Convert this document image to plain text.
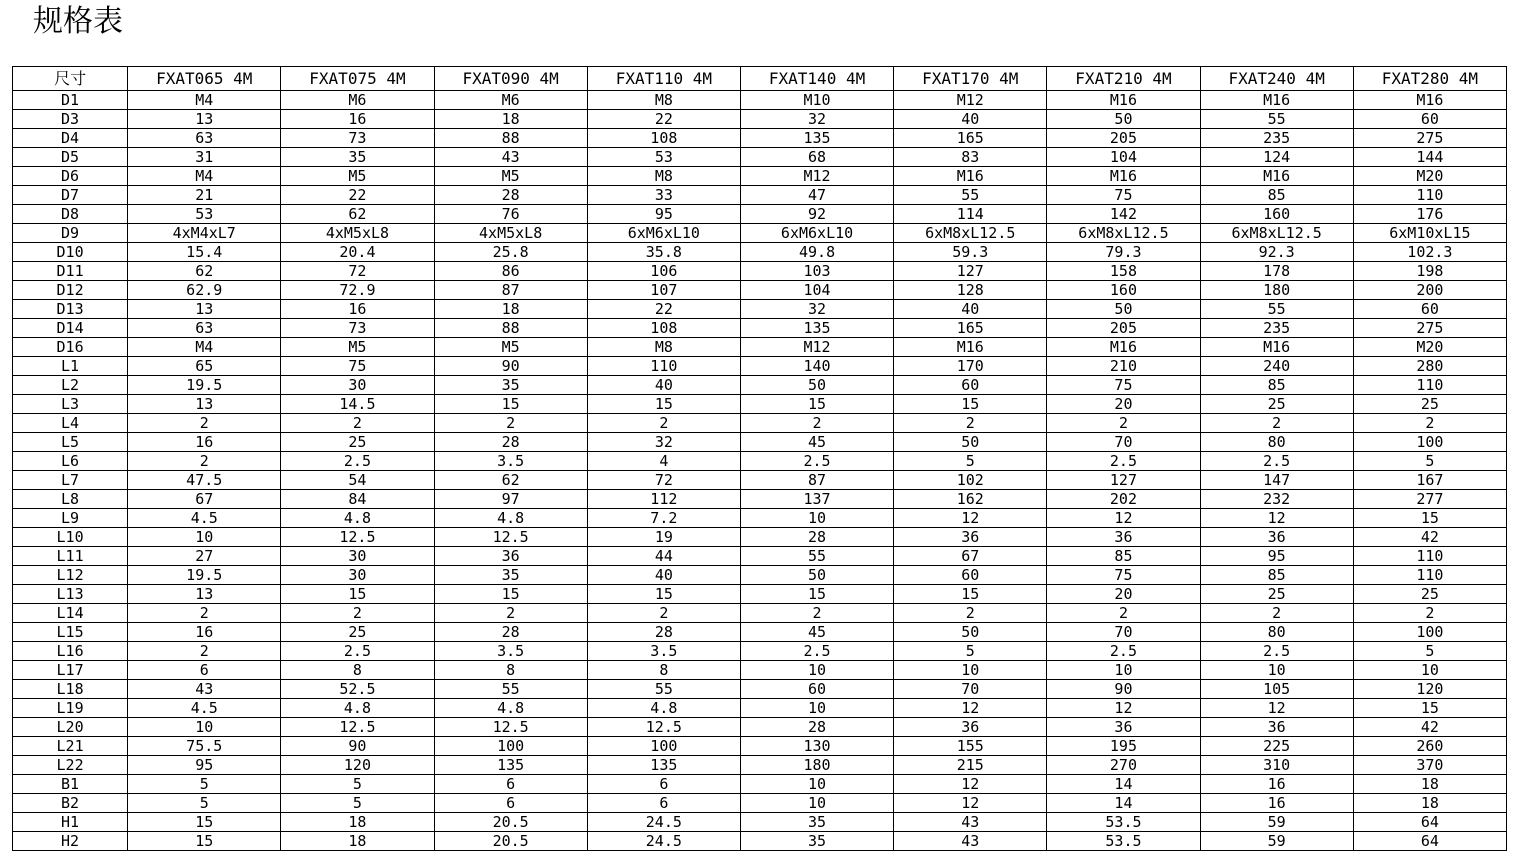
规格表
尺寸	FXAT065 4M	FXAT075 4M	FXAT090 4M	FXAT110 4M	FXAT140 4M	FXAT170 4M	FXAT210 4M	FXAT240 4M	FXAT280 4M
D1	M4	M6	M6	M8	M10	M12	M16	M16	M16
D3	13	16	18	22	32	40	50	55	60
D4	63	73	88	108	135	165	205	235	275
D5	31	35	43	53	68	83	104	124	144
D6	M4	M5	M5	M8	M12	M16	M16	M16	M20
D7	21	22	28	33	47	55	75	85	110
D8	53	62	76	95	92	114	142	160	176
D9	4xM4xL7	4xM5xL8	4xM5xL8	6xM6xL10	6xM6xL10	6xM8xL12.5	6xM8xL12.5	6xM8xL12.5	6xM10xL15
D10	15.4	20.4	25.8	35.8	49.8	59.3	79.3	92.3	102.3
D11	62	72	86	106	103	127	158	178	198
D12	62.9	72.9	87	107	104	128	160	180	200
D13	13	16	18	22	32	40	50	55	60
D14	63	73	88	108	135	165	205	235	275
D16	M4	M5	M5	M8	M12	M16	M16	M16	M20
L1	65	75	90	110	140	170	210	240	280
L2	19.5	30	35	40	50	60	75	85	110
L3	13	14.5	15	15	15	15	20	25	25
L4	2	2	2	2	2	2	2	2	2
L5	16	25	28	32	45	50	70	80	100
L6	2	2.5	3.5	4	2.5	5	2.5	2.5	5
L7	47.5	54	62	72	87	102	127	147	167
L8	67	84	97	112	137	162	202	232	277
L9	4.5	4.8	4.8	7.2	10	12	12	12	15
L10	10	12.5	12.5	19	28	36	36	36	42
L11	27	30	36	44	55	67	85	95	110
L12	19.5	30	35	40	50	60	75	85	110
L13	13	15	15	15	15	15	20	25	25
L14	2	2	2	2	2	2	2	2	2
L15	16	25	28	28	45	50	70	80	100
L16	2	2.5	3.5	3.5	2.5	5	2.5	2.5	5
L17	6	8	8	8	10	10	10	10	10
L18	43	52.5	55	55	60	70	90	105	120
L19	4.5	4.8	4.8	4.8	10	12	12	12	15
L20	10	12.5	12.5	12.5	28	36	36	36	42
L21	75.5	90	100	100	130	155	195	225	260
L22	95	120	135	135	180	215	270	310	370
B1	5	5	6	6	10	12	14	16	18
B2	5	5	6	6	10	12	14	16	18
H1	15	18	20.5	24.5	35	43	53.5	59	64
H2	15	18	20.5	24.5	35	43	53.5	59	64
